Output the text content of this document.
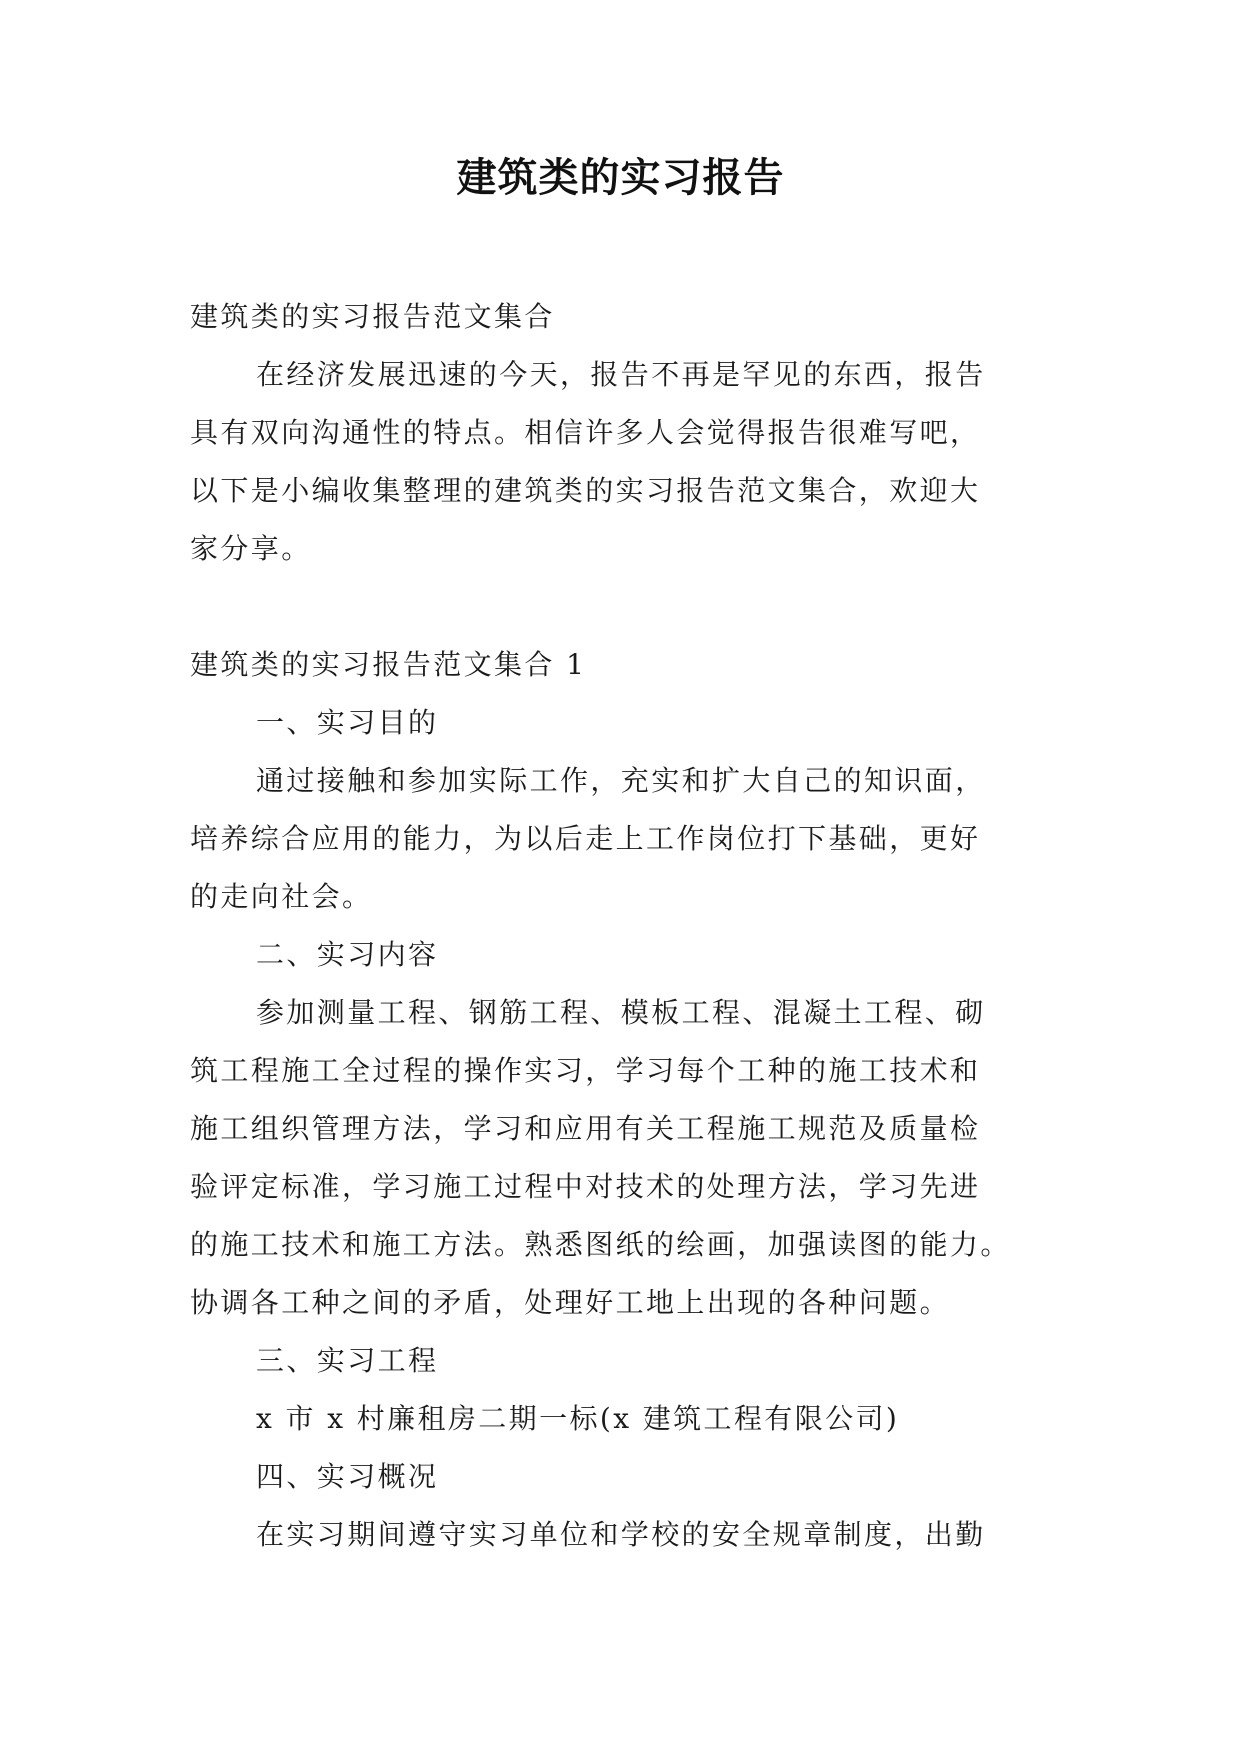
建筑类的实习报告
建筑类的实习报告范文集合
在经济发展迅速的今天，报告不再是罕见的东西，报告
具有双向沟通性的特点。相信许多人会觉得报告很难写吧，
以下是小编收集整理的建筑类的实习报告范文集合，欢迎大
家分享。
建筑类的实习报告范文集合 1
一、实习目的
通过接触和参加实际工作，充实和扩大自己的知识面，
培养综合应用的能力，为以后走上工作岗位打下基础，更好
的走向社会。
二、实习内容
参加测量工程、钢筋工程、模板工程、混凝土工程、砌
筑工程施工全过程的操作实习，学习每个工种的施工技术和
施工组织管理方法，学习和应用有关工程施工规范及质量检
验评定标准，学习施工过程中对技术的处理方法，学习先进
的施工技术和施工方法。熟悉图纸的绘画，加强读图的能力。
协调各工种之间的矛盾，处理好工地上出现的各种问题。
三、实习工程
x 市 x 村廉租房二期一标(x 建筑工程有限公司)
四、实习概况
在实习期间遵守实习单位和学校的安全规章制度，出勤
